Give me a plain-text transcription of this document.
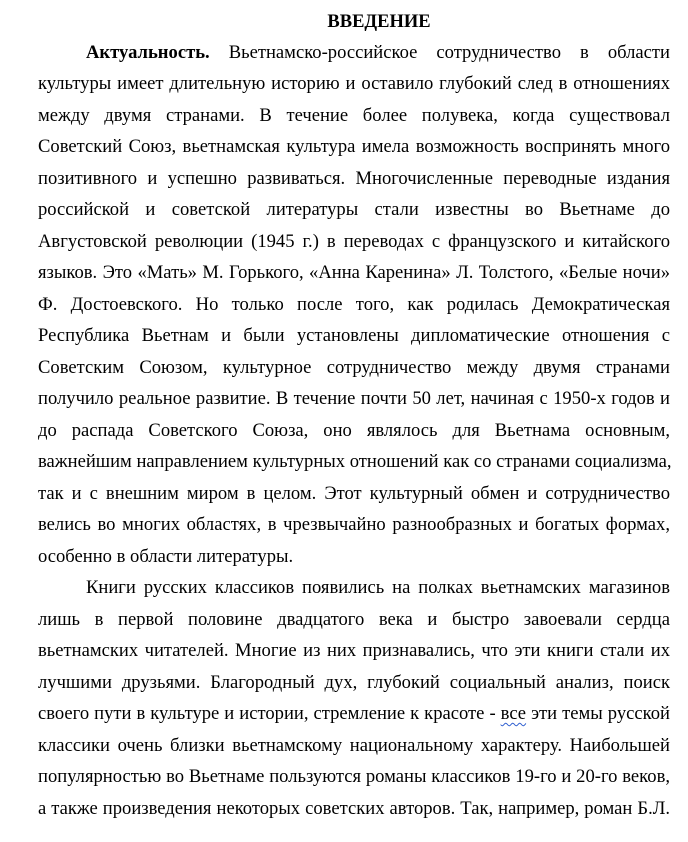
ВВЕДЕНИЕ
Актуальность. Вьетнамско-российское сотрудничество в области
культуры имеет длительную историю и оставило глубокий след в отношениях
между двумя странами. В течение более полувека, когда существовал
Советский Союз, вьетнамская культура имела возможность воспринять много
позитивного и успешно развиваться. Многочисленные переводные издания
российской и советской литературы стали известны во Вьетнаме до
Августовской революции (1945 г.) в переводах с французского и китайского
языков. Это «Мать» М. Горького, «Анна Каренина» Л. Толстого, «Белые ночи»
Ф. Достоевского. Но только после того, как родилась Демократическая
Республика Вьетнам и были установлены дипломатические отношения с
Советским Союзом, культурное сотрудничество между двумя странами
получило реальное развитие. В течение почти 50 лет, начиная с 1950-х годов и
до распада Советского Союза, оно являлось для Вьетнама основным,
важнейшим направлением культурных отношений как со странами социализма,
так и с внешним миром в целом. Этот культурный обмен и сотрудничество
велись во многих областях, в чрезвычайно разнообразных и богатых формах,
особенно в области литературы.
Книги русских классиков появились на полках вьетнамских магазинов
лишь в первой половине двадцатого века и быстро завоевали сердца
вьетнамских читателей. Многие из них признавались, что эти книги стали их
лучшими друзьями. Благородный дух, глубокий социальный анализ, поиск
своего пути в культуре и истории, стремление к красоте - все эти темы русской
классики очень близки вьетнамскому национальному характеру. Наибольшей
популярностью во Вьетнаме пользуются романы классиков 19-го и 20-го веков,
а также произведения некоторых советских авторов. Так, например, роман Б.Л.
